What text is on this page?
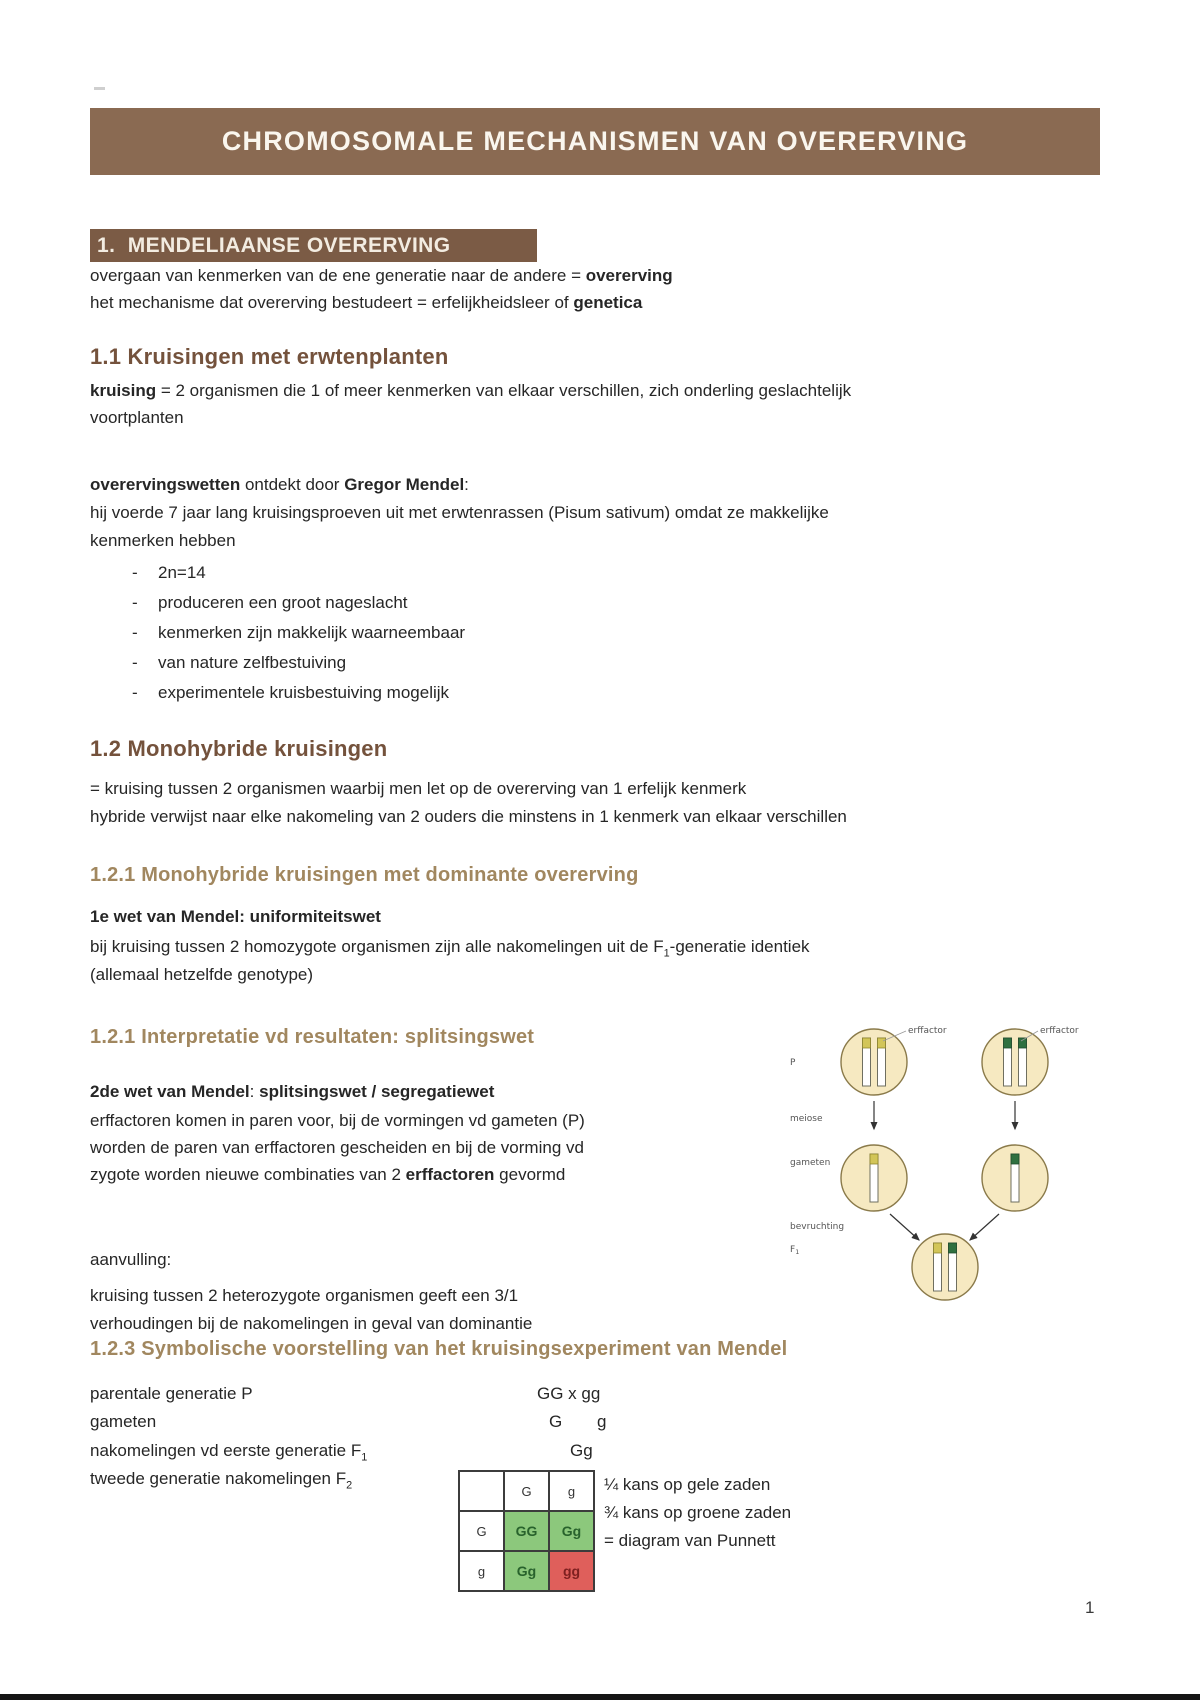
CHROMOSOMALE MECHANISMEN VAN OVERERVING
1.  MENDELIAANSE OVERERVING
overgaan van kenmerken van de ene generatie naar de andere = overerving
het mechanisme dat overerving bestudeert = erfelijkheidsleer of genetica
1.1 Kruisingen met erwtenplanten
kruising = 2 organismen die 1 of meer kenmerken van elkaar verschillen, zich onderling geslachtelijk
voortplanten
overervingswetten ontdekt door Gregor Mendel:
hij voerde 7 jaar lang kruisingsproeven uit met erwtenrassen (Pisum sativum) omdat ze makkelijke
kenmerken hebben
- 2n=14
- produceren een groot nageslacht
- kenmerken zijn makkelijk waarneembaar
- van nature zelfbestuiving
- experimentele kruisbestuiving mogelijk
1.2 Monohybride kruisingen
= kruising tussen 2 organismen waarbij men let op de overerving van 1 erfelijk kenmerk
hybride verwijst naar elke nakomeling van 2 ouders die minstens in 1 kenmerk van elkaar verschillen
1.2.1 Monohybride kruisingen met dominante overerving
1e wet van Mendel: uniformiteitswet
bij kruising tussen 2 homozygote organismen zijn alle nakomelingen uit de $F_1$-generatie identiek
(allemaal hetzelfde genotype)
1.2.1 Interpretatie vd resultaten: splitsingswet
2de wet van Mendel: splitsingswet / segregatiewet
erffactoren komen in paren voor, bij de vormingen vd gameten (P)
worden de paren van erffactoren gescheiden en bij de vorming vd
zygote worden nieuwe combinaties van 2 erffactoren gevormd
aanvulling:
kruising tussen 2 heterozygote organismen geeft een 3/1
verhoudingen bij de nakomelingen in geval van dominantie
erffactor	erffactor
P
meiose
gameten
bevruchting
$F_1$
1.2.3 Symbolische voorstelling van het kruisingsexperiment van Mendel
parentale generatie P	GG x gg
gameten	G g
nakomelingen vd eerste generatie $F_1$	Gg
tweede generatie nakomelingen $F_2$
		G	g
G	GG	Gg
g	Gg	gg
¼ kans op gele zaden
¾ kans op groene zaden
= diagram van Punnett
1
